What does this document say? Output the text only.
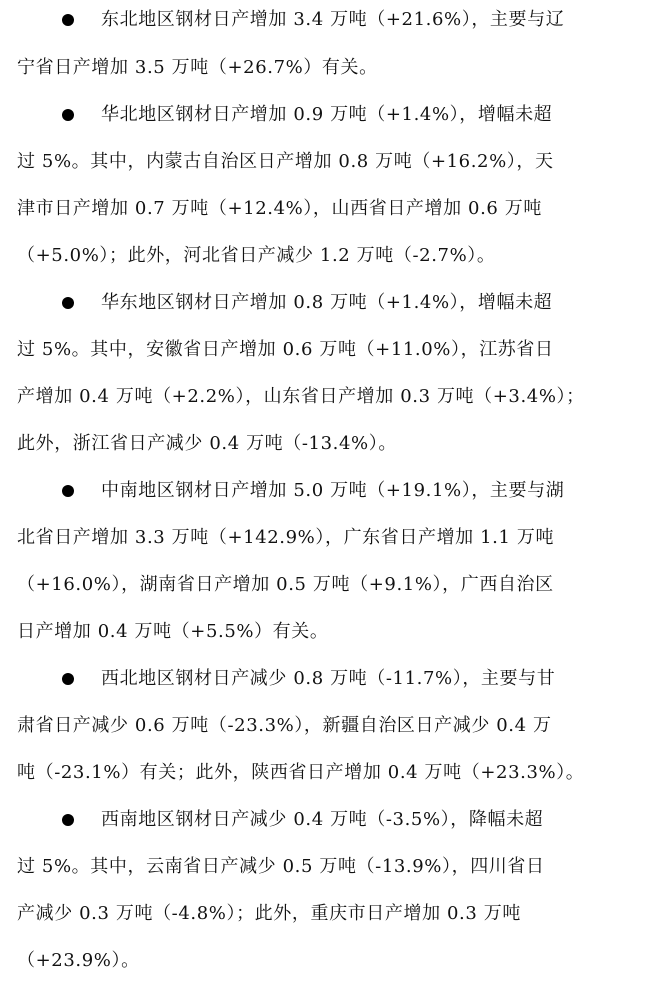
东北地区钢材日产增加 3.4 万吨（+21.6%），主要与辽
宁省日产增加 3.5 万吨（+26.7%）有关。
华北地区钢材日产增加 0.9 万吨（+1.4%），增幅未超
过 5%。其中，内蒙古自治区日产增加 0.8 万吨（+16.2%），天
津市日产增加 0.7 万吨（+12.4%），山西省日产增加 0.6 万吨
（+5.0%）；此外，河北省日产减少 1.2 万吨（-2.7%）。
华东地区钢材日产增加 0.8 万吨（+1.4%），增幅未超
过 5%。其中，安徽省日产增加 0.6 万吨（+11.0%），江苏省日
产增加 0.4 万吨（+2.2%），山东省日产增加 0.3 万吨（+3.4%）；
此外，浙江省日产减少 0.4 万吨（-13.4%）。
中南地区钢材日产增加 5.0 万吨（+19.1%），主要与湖
北省日产增加 3.3 万吨（+142.9%），广东省日产增加 1.1 万吨
（+16.0%），湖南省日产增加 0.5 万吨（+9.1%），广西自治区
日产增加 0.4 万吨（+5.5%）有关。
西北地区钢材日产减少 0.8 万吨（-11.7%），主要与甘
肃省日产减少 0.6 万吨（-23.3%），新疆自治区日产减少 0.4 万
吨（-23.1%）有关；此外，陕西省日产增加 0.4 万吨（+23.3%）。
西南地区钢材日产减少 0.4 万吨（-3.5%），降幅未超
过 5%。其中，云南省日产减少 0.5 万吨（-13.9%），四川省日
产减少 0.3 万吨（-4.8%）；此外，重庆市日产增加 0.3 万吨
（+23.9%）。
